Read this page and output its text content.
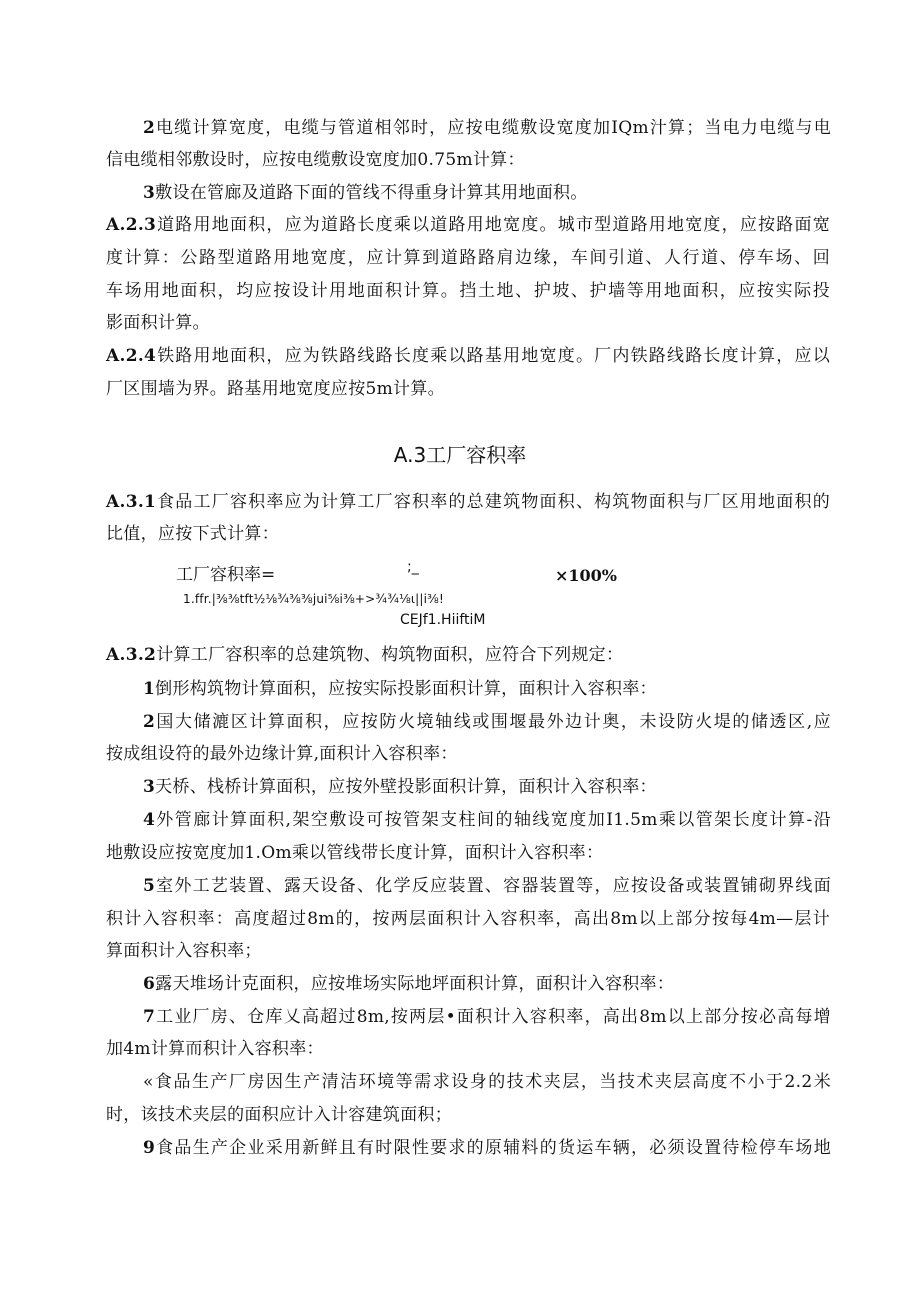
2电缆计算宽度，电缆与管道相邻时，应按电缆敷设宽度加IQm汁算；当电力电缆与电
信电缆相邻敷设时，应按电缆敷设宽度加0.75m计算：
3敷设在管廊及道路下面的管线不得重身计算其用地面积。
A.2.3道路用地面积，应为道路长度乘以道路用地宽度。城市型道路用地宽度，应按路面宽
度计算：公路型道路用地宽度，应计算到道路路肩边缘，车间引道、人行道、停车场、回
车场用地面积，均应按设计用地面积计算。挡土地、护坡、护墙等用地面积，应按实际投
影面积计算。
A.2.4铁路用地面积，应为铁路线路长度乘以路基用地宽度。厂内铁路线路长度计算，应以
厂区围墙为界。路基用地宽度应按5m计算。
A.3工厂容积率
A.3.1食品工厂容积率应为计算工厂容积率的总建筑物面积、构筑物面积与厂区用地面积的
比值，应按下式计算：
工厂容积率=	;_	×100%
1.ffr.|⅜⅜tft½⅛¾⅜⅜jui⅝i⅜+>¾¾⅛ι||i⅜!
CEJf1.HiiftiM
A.3.2计算工厂容积率的总建筑物、构筑物面积，应符合下列规定：
1倒形构筑物计算面积，应按实际投影面积计算，面积计入容积率：
2国大储漉区计算面积，应按防火境轴线或围堰最外边计奥，未设防火堤的储透区,应
按成组设符的最外边缘计算,面积计入容积率：
3天桥、栈桥计算面积，应按外壁投影面积计算，面积计入容积率：
4外管廊计算面积,架空敷设可按管架支柱间的轴线宽度加I1.5m乘以管架长度计算-沿
地敷设应按宽度加1.Om乘以管线带长度计算，面积计入容积率：
5室外工艺装置、露天设备、化学反应装置、容器装置等，应按设备或装置铺砌界线面
积计入容积率：高度超过8m的，按两层面积计入容积率，高出8m以上部分按每4m—层计
算面积计入容积率；
6露天堆场计克面积，应按堆场实际地坪面积计算，面积计入容积率：
7工业厂房、仓库乂高超过8m,按两层•面积计入容积率，高出8m以上部分按必高每增
加4m计算而积计入容积率：
«食品生产厂房因生产清洁环境等需求设身的技术夹层，当技术夹层高度不小于2.2米
时，该技术夹层的面积应计入计容建筑面积；
9食品生产企业采用新鲜且有时限性要求的原辅料的货运车辆，必须设置待检停车场地
